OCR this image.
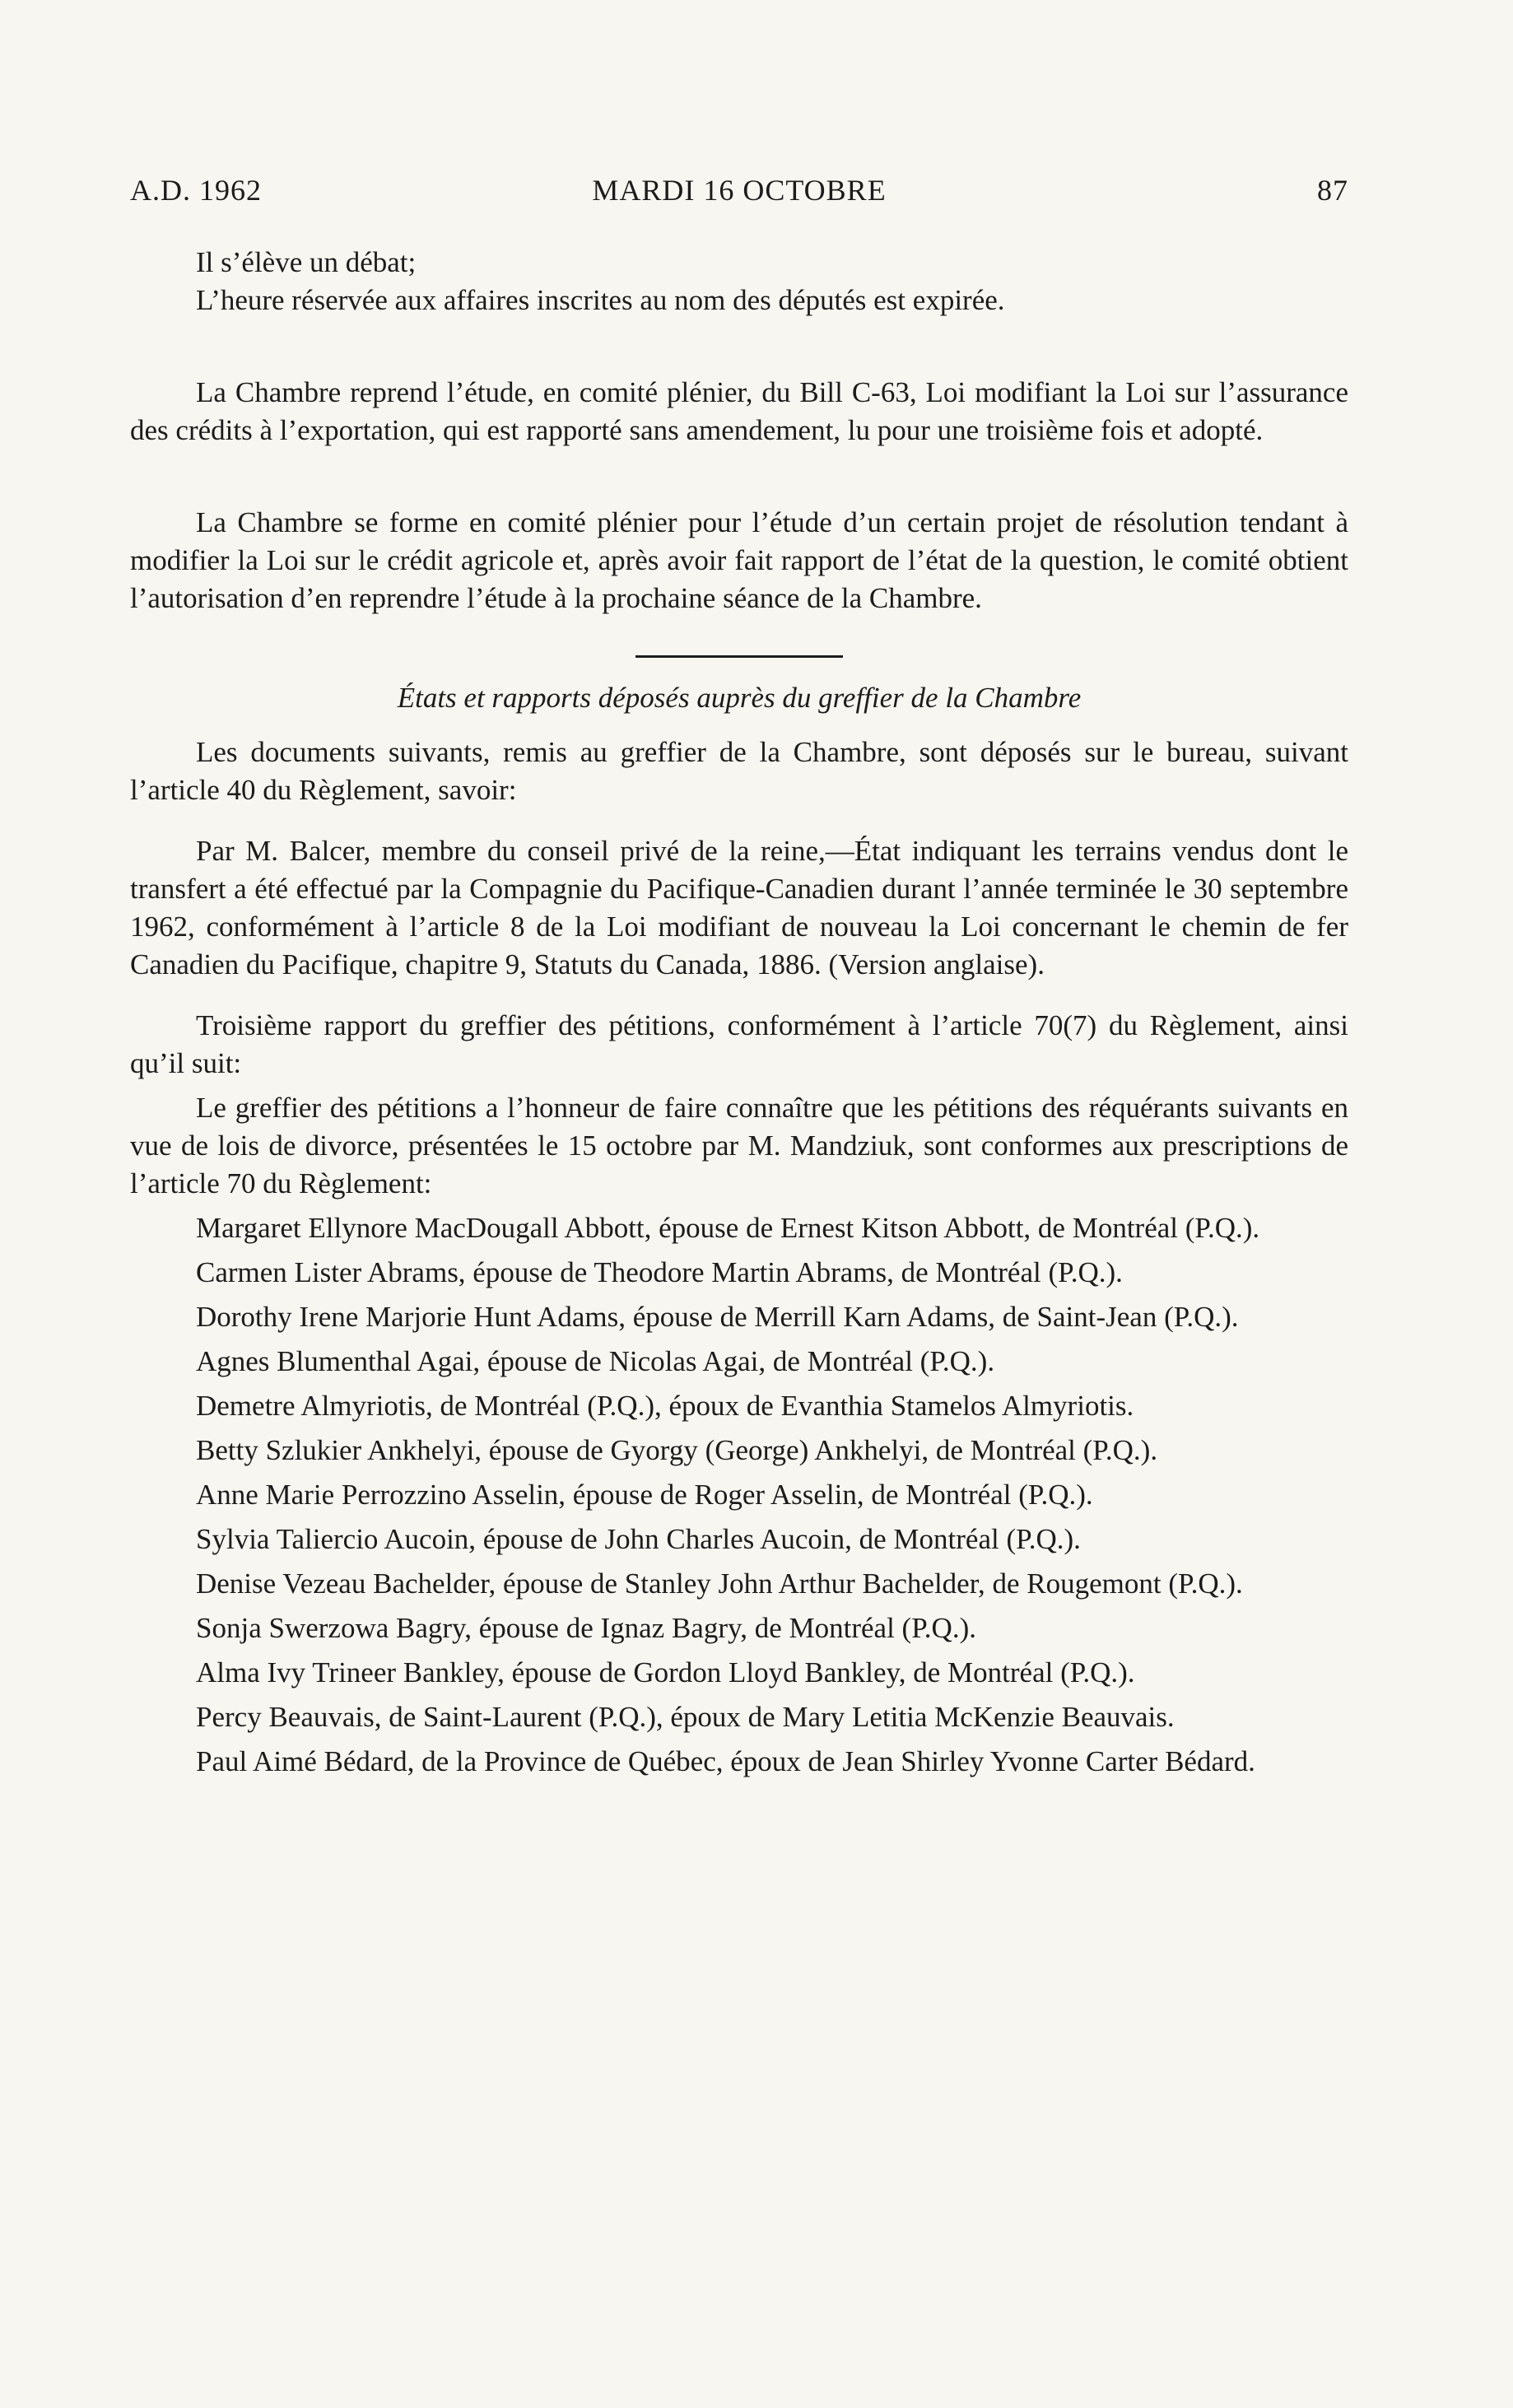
A.D. 1962	MARDI 16 OCTOBRE	87

Il s’élève un débat;

L’heure réservée aux affaires inscrites au nom des députés est expirée.

La Chambre reprend l’étude, en comité plénier, du Bill C-63, Loi modifiant la Loi sur l’assurance des crédits à l’exportation, qui est rapporté sans amendement, lu pour une troisième fois et adopté.

La Chambre se forme en comité plénier pour l’étude d’un certain projet de résolution tendant à modifier la Loi sur le crédit agricole et, après avoir fait rapport de l’état de la question, le comité obtient l’autorisation d’en reprendre l’étude à la prochaine séance de la Chambre.

États et rapports déposés auprès du greffier de la Chambre

Les documents suivants, remis au greffier de la Chambre, sont déposés sur le bureau, suivant l’article 40 du Règlement, savoir:

Par M. Balcer, membre du conseil privé de la reine,—État indiquant les terrains vendus dont le transfert a été effectué par la Compagnie du Pacifique-Canadien durant l’année terminée le 30 septembre 1962, conformément à l’article 8 de la Loi modifiant de nouveau la Loi concernant le chemin de fer Canadien du Pacifique, chapitre 9, Statuts du Canada, 1886. (Version anglaise).

Troisième rapport du greffier des pétitions, conformément à l’article 70(7) du Règlement, ainsi qu’il suit:

Le greffier des pétitions a l’honneur de faire connaître que les pétitions des réquérants suivants en vue de lois de divorce, présentées le 15 octobre par M. Mandziuk, sont conformes aux prescriptions de l’article 70 du Règlement:

Margaret Ellynore MacDougall Abbott, épouse de Ernest Kitson Abbott, de Montréal (P.Q.).

Carmen Lister Abrams, épouse de Theodore Martin Abrams, de Montréal (P.Q.).

Dorothy Irene Marjorie Hunt Adams, épouse de Merrill Karn Adams, de Saint-Jean (P.Q.).

Agnes Blumenthal Agai, épouse de Nicolas Agai, de Montréal (P.Q.).

Demetre Almyriotis, de Montréal (P.Q.), époux de Evanthia Stamelos Almyriotis.

Betty Szlukier Ankhelyi, épouse de Gyorgy (George) Ankhelyi, de Montréal (P.Q.).

Anne Marie Perrozzino Asselin, épouse de Roger Asselin, de Montréal (P.Q.).

Sylvia Taliercio Aucoin, épouse de John Charles Aucoin, de Montréal (P.Q.).

Denise Vezeau Bachelder, épouse de Stanley John Arthur Bachelder, de Rougemont (P.Q.).

Sonja Swerzowa Bagry, épouse de Ignaz Bagry, de Montréal (P.Q.).

Alma Ivy Trineer Bankley, épouse de Gordon Lloyd Bankley, de Montréal (P.Q.).

Percy Beauvais, de Saint-Laurent (P.Q.), époux de Mary Letitia McKenzie Beauvais.

Paul Aimé Bédard, de la Province de Québec, époux de Jean Shirley Yvonne Carter Bédard.
